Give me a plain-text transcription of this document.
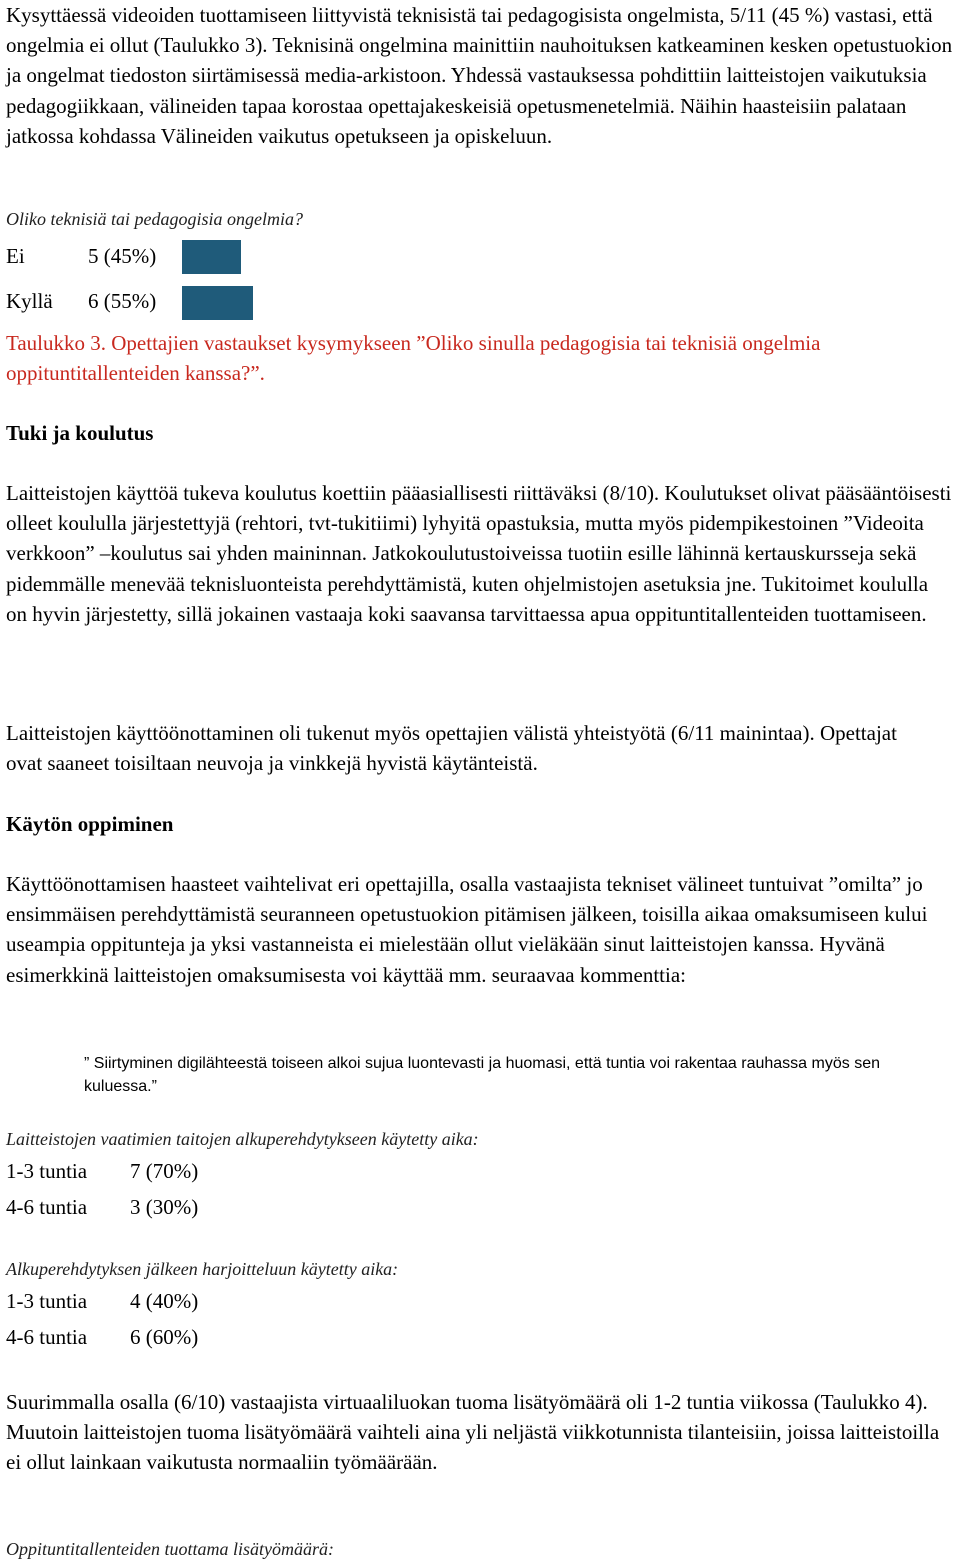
Kysyttäessä videoiden tuottamiseen liittyvistä teknisistä tai pedagogisista ongelmista, 5/11 (45 %) vastasi, että ongelmia ei ollut (Taulukko 3). Teknisinä ongelmina mainittiin nauhoituksen katkeaminen kesken opetustuokion ja ongelmat tiedoston siirtämisessä media-arkistoon. Yhdessä vastauksessa pohdittiin laitteistojen vaikutuksia pedagogiikkaan, välineiden tapaa korostaa opettajakeskeisiä opetusmenetelmiä. Näihin haasteisiin palataan jatkossa kohdassa Välineiden vaikutus opetukseen ja opiskeluun.

Oliko teknisiä tai pedagogisia ongelmia?
Ei	5 (45%)
Kyllä 6 (55%)
Taulukko 3. Opettajien vastaukset kysymykseen ”Oliko sinulla pedagogisia tai teknisiä ongelmia oppituntitallenteiden kanssa?”.
Tuki ja koulutus

Laitteistojen käyttöä tukeva koulutus koettiin pääasiallisesti riittäväksi (8/10). Koulutukset olivat pääsääntöisesti olleet koululla järjestettyjä (rehtori, tvt-tukitiimi) lyhyitä opastuksia, mutta myös pidempikestoinen ”Videoita verkkoon” –koulutus sai yhden maininnan. Jatkokoulutustoiveissa tuotiin esille lähinnä kertauskursseja sekä pidemmälle menevää teknisluonteista perehdyttämistä, kuten ohjelmistojen asetuksia jne. Tukitoimet koululla on hyvin järjestetty, sillä jokainen vastaaja koki saavansa tarvittaessa apua oppituntitallenteiden tuottamiseen.

Laitteistojen käyttöönottaminen oli tukenut myös opettajien välistä yhteistyötä (6/11 mainintaa). Opettajat ovat saaneet toisiltaan neuvoja ja vinkkejä hyvistä käytänteistä.

Käytön oppiminen

Käyttöönottamisen haasteet vaihtelivat eri opettajilla, osalla vastaajista tekniset välineet tuntuivat ”omilta” jo ensimmäisen perehdyttämistä seuranneen opetustuokion pitämisen jälkeen, toisilla aikaa omaksumiseen kului useampia oppitunteja ja yksi vastanneista ei mielestään ollut vieläkään sinut laitteistojen kanssa. Hyvänä esimerkkinä laitteistojen omaksumisesta voi käyttää mm. seuraavaa kommenttia:

” Siirtyminen digilähteestä toiseen alkoi sujua luontevasti ja huomasi, että tuntia voi rakentaa rauhassa myös sen kuluessa.”
Laitteistojen vaatimien taitojen alkuperehdytykseen käytetty aika:
1-3 tuntia 7 (70%)
4-6 tuntia 3 (30%)
Alkuperehdytyksen jälkeen harjoitteluun käytetty aika:
1-3 tuntia 4 (40%)
4-6 tuntia 6 (60%)

Suurimmalla osalla (6/10) vastaajista virtuaaliluokan tuoma lisätyömäärä oli 1-2 tuntia viikossa (Taulukko 4). Muutoin laitteistojen tuoma lisätyömäärä vaihteli aina yli neljästä viikkotunnista tilanteisiin, joissa laitteistoilla ei ollut lainkaan vaikutusta normaaliin työmäärään.

Oppituntitallenteiden tuottama lisätyömäärä:
